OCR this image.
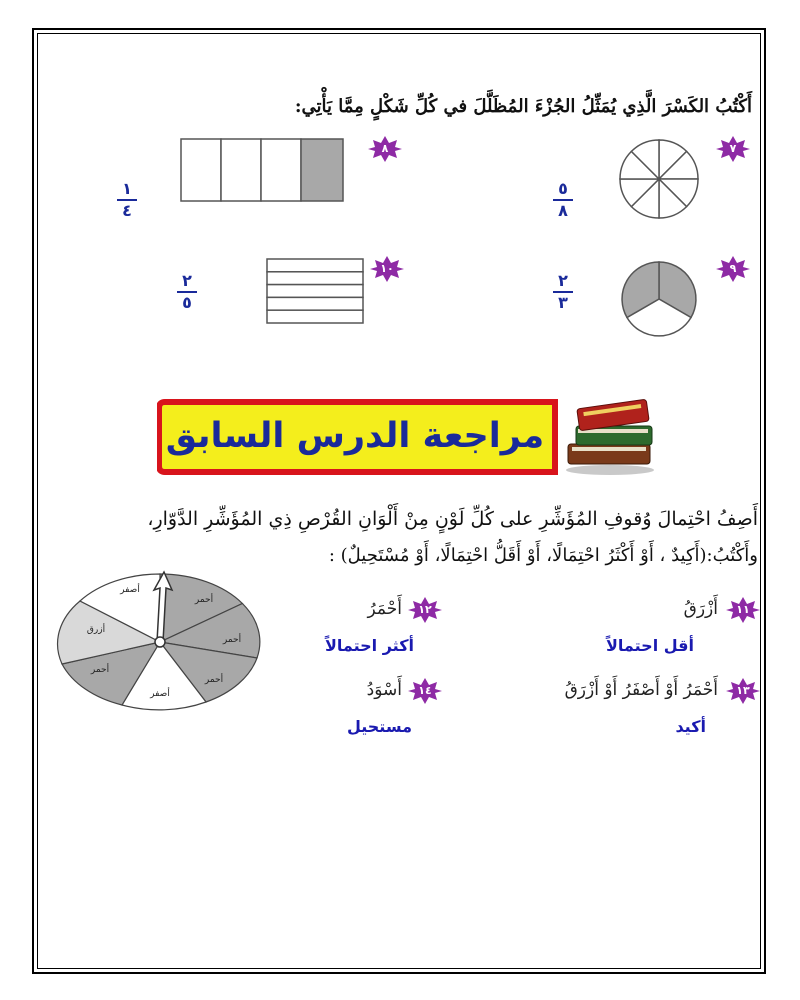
أَكْتُبُ الكَسْرَ الَّذِي يُمَثِّلُ الجُزْءَ المُظَلَّلَ في كُلِّ شَكْلٍ مِمَّا يَأْتِي:
٧
٥
٨
٨
١
٤
٩
٢
٣
١٠
٢
٥
مراجعة الدرس السابق
أَصِفُ احْتِمالَ وُقوفِ المُؤَشِّرِ على كُلِّ لَوْنٍ مِنْ أَلْوَانِ القُرْصِ ذِي المُؤَشِّرِ الدَّوّارِ،
وأَكْتُبُ:(أَكِيدٌ ، أَوْ أَكْثَرُ احْتِمَالًا، أَوْ أَقَلُّ احْتِمَالًا، أَوْ مُسْتَحِيلٌ) :
أحمر
أحمر
أحمر
أصفر
أحمر
أزرق
أصفر
١١
أَزْرَقُ
أقل احتمالاً
١٢
أَحْمَرُ
أكثر احتمالاً
١٣
أَحْمَرُ أَوْ أَصْفَرُ أَوْ أَزْرَقُ
أكيد
١٤
أَسْوَدُ
مستحيل
